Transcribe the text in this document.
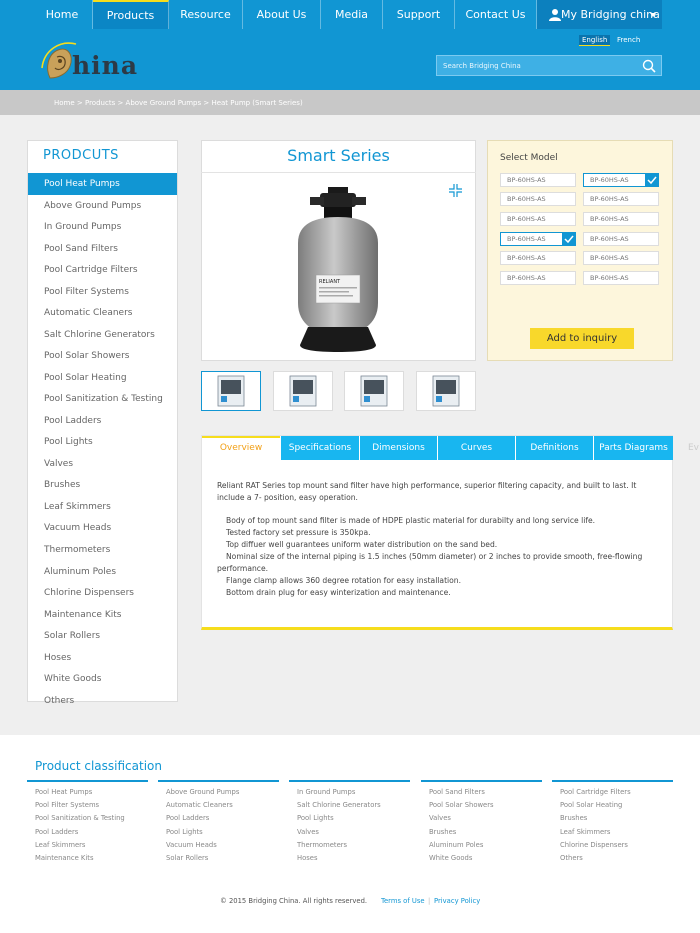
Home	Products	Resource	About Us	Media	Support	Contact Us	My Bridging china
English	French
hina
Search Bridging China
Home > Products > Above Ground Pumps > Heat Pump (Smart Series)
PRODCUTS
Pool Heat Pumps
Above Ground Pumps
In Ground Pumps
Pool Sand Filters
Pool Cartridge Filters
Pool Filter Systems
Automatic Cleaners
Salt Chlorine Generators
Pool Solar Showers
Pool Solar Heating
Pool Sanitization & Testing
Pool Ladders
Pool Lights
Valves
Brushes
Leaf Skimmers
Vacuum Heads
Thermometers
Aluminum Poles
Chlorine Dispensers
Maintenance Kits
Solar Rollers
Hoses
White Goods
Others
Smart Series
RELIANT
Select Model
BP-60HS-AS	BP-60HS-AS
BP-60HS-AS	BP-60HS-AS
BP-60HS-AS	BP-60HS-AS
BP-60HS-AS	BP-60HS-AS
BP-60HS-AS	BP-60HS-AS
BP-60HS-AS	BP-60HS-AS
Add to inquiry
Overview	Specifications	Dimensions	Curves	Definitions	Parts Diagrams	Ev
Reliant RAT Series top mount sand filter have high performance, superior filtering capacity, and built to last. It include a 7- position, easy operation.
Body of top mount sand filter is made of HDPE plastic material for durabilty and long service life.
Tested factory set pressure is 350kpa.
Top diffuer well guarantees uniform water distribution on the sand bed.
Nominal size of the internal piping is 1.5 inches (50mm diameter) or 2 inches to provide smooth, free-flowing performance.
Flange clamp allows 360 degree rotation for easy installation.
Bottom drain plug for easy winterization and maintenance.
Product classification
Pool Heat Pumps
Pool Filter Systems
Pool Sanitization & Testing
Pool Ladders
Leaf Skimmers
Maintenance Kits
Above Ground Pumps
Automatic Cleaners
Pool Ladders
Pool Lights
Vacuum Heads
Solar Rollers
In Ground Pumps
Salt Chlorine Generators
Pool Lights
Valves
Thermometers
Hoses
Pool Sand Filters
Pool Solar Showers
Valves
Brushes
Aluminum Poles
White Goods
Pool Cartridge Filters
Pool Solar Heating
Brushes
Leaf Skimmers
Chlorine Dispensers
Others
© 2015 Bridging China. All rights reserved. Terms of Use | Privacy Policy
